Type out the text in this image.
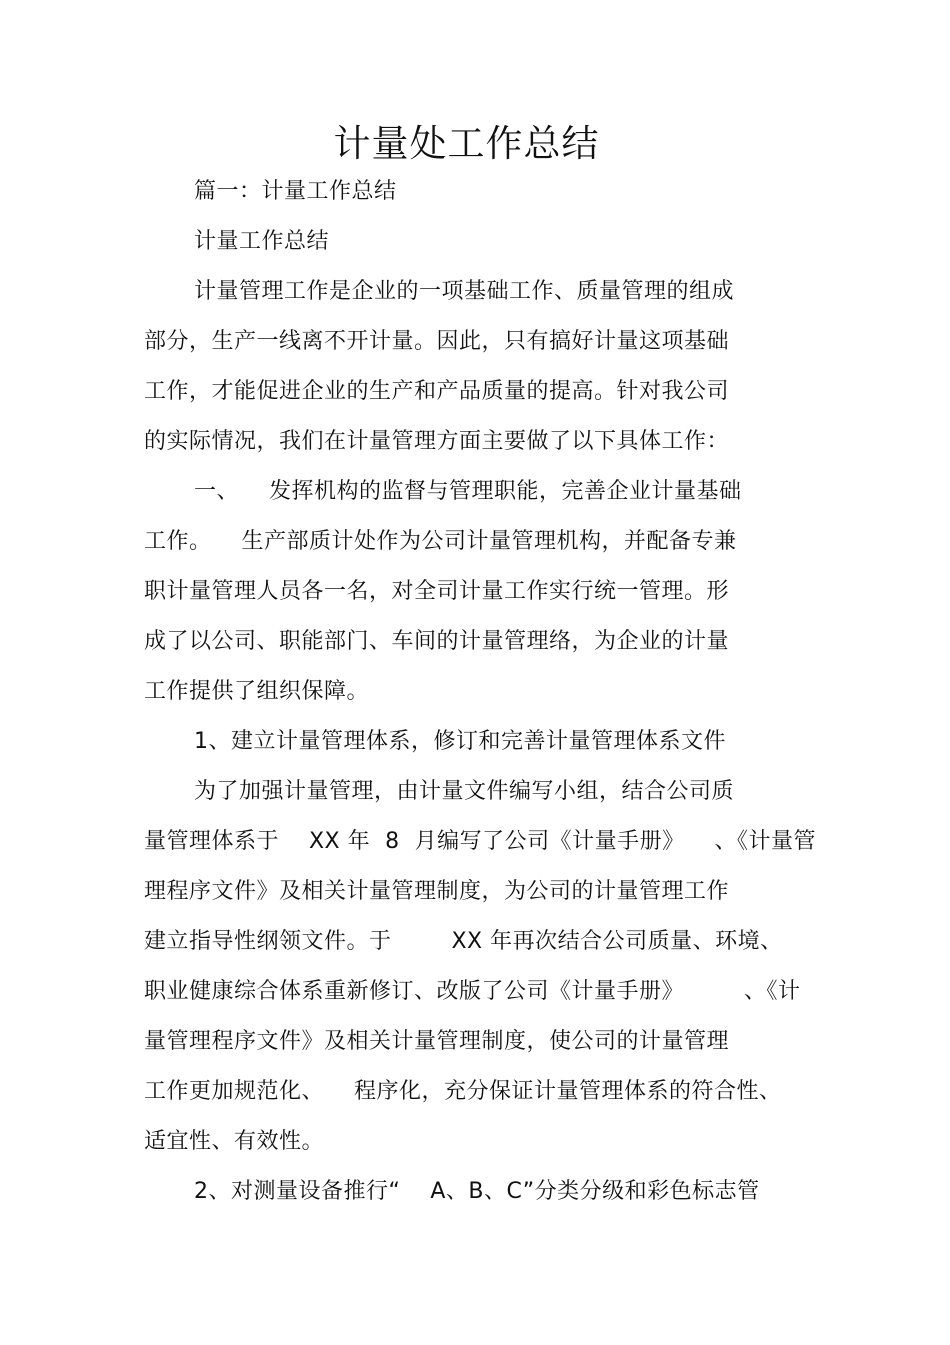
计量处工作总结
篇一：计量工作总结
计量工作总结
计量管理工作是企业的一项基础工作、质量管理的组成
部分，生产一线离不开计量。因此，只有搞好计量这项基础
工作，才能促进企业的生产和产品质量的提高。针对我公司
的实际情况，我们在计量管理方面主要做了以下具体工作：
一、    发挥机构的监督与管理职能，完善企业计量基础
工作。    生产部质计处作为公司计量管理机构，并配备专兼
职计量管理人员各一名，对全司计量工作实行统一管理。形
成了以公司、职能部门、车间的计量管理络，为企业的计量
工作提供了组织保障。
1、建立计量管理体系，修订和完善计量管理体系文件
为了加强计量管理，由计量文件编写小组，结合公司质
量管理体系于    XX 年  8  月编写了公司《计量手册》    、《计量管
理程序文件》及相关计量管理制度，为公司的计量管理工作
建立指导性纲领文件。于        XX 年再次结合公司质量、环境、
职业健康综合体系重新修订、改版了公司《计量手册》        、《计
量管理程序文件》及相关计量管理制度，使公司的计量管理
工作更加规范化、    程序化，充分保证计量管理体系的符合性、
适宜性、有效性。
2、对测量设备推行“    A、B、C”分类分级和彩色标志管
